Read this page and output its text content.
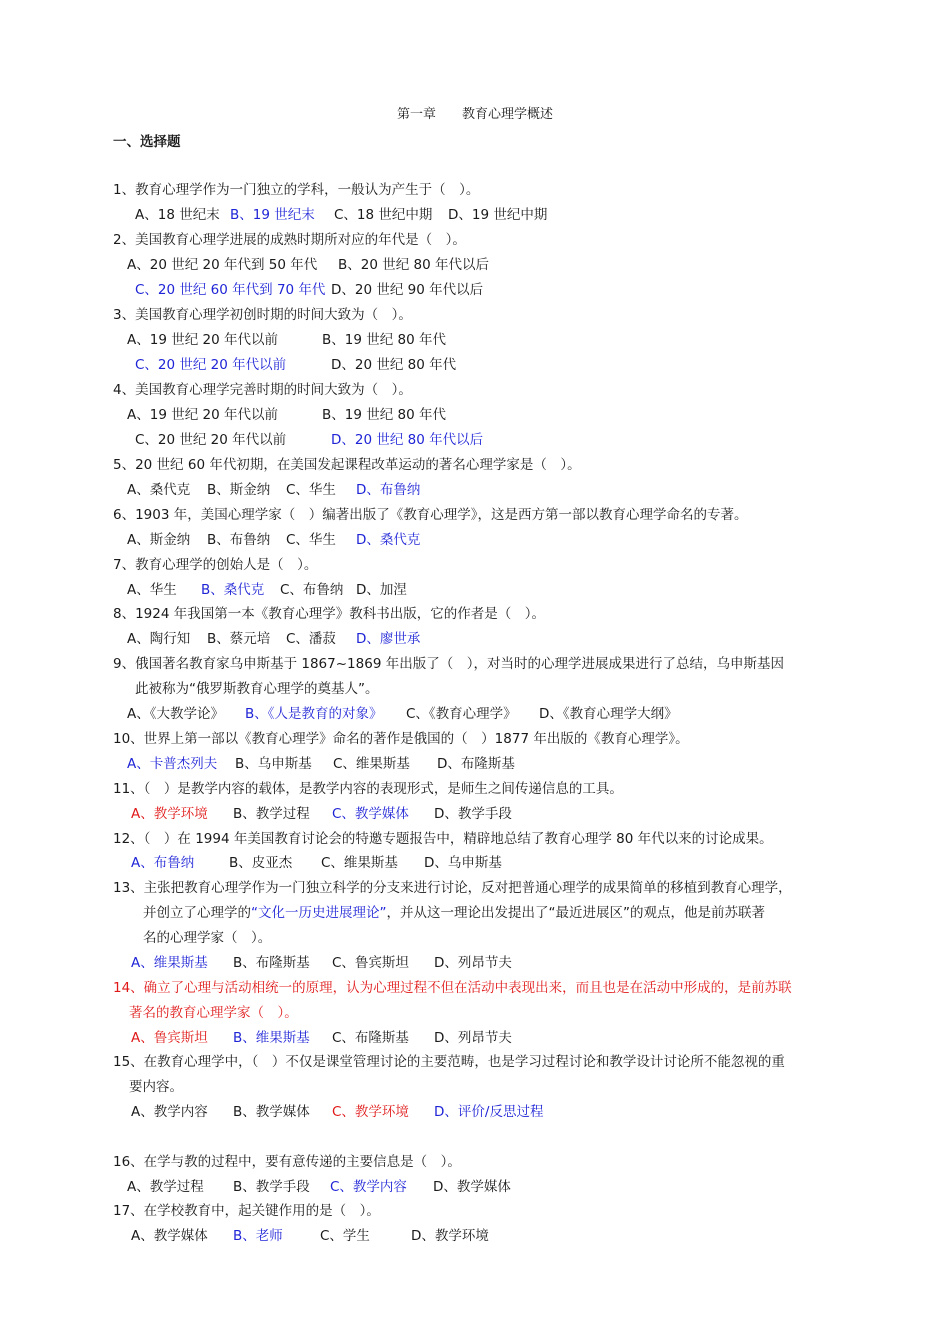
第一章 教育心理学概述
一、选择题
1、教育心理学作为一门独立的学科，一般认为产生于（　）。
A、18 世纪末 B、19 世纪末 C、18 世纪中期 D、19 世纪中期
2、美国教育心理学进展的成熟时期所对应的年代是（　）。
A、20 世纪 20 年代到 50 年代 B、20 世纪 80 年代以后
C、20 世纪 60 年代到 70 年代 D、20 世纪 90 年代以后
3、美国教育心理学初创时期的时间大致为（　）。
A、19 世纪 20 年代以前	B、19 世纪 80 年代
C、20 世纪 20 年代以前	D、20 世纪 80 年代
4、美国教育心理学完善时期的时间大致为（　）。
A、19 世纪 20 年代以前	B、19 世纪 80 年代
C、20 世纪 20 年代以前	D、20 世纪 80 年代以后
5、20 世纪 60 年代初期，在美国发起课程改革运动的著名心理学家是（　）。
A、桑代克 B、斯金纳 C、华生 D、布鲁纳
6、1903 年，美国心理学家（　）编著出版了《教育心理学》，这是西方第一部以教育心理学命名的专著。
A、斯金纳 B、布鲁纳 C、华生 D、桑代克
7、教育心理学的创始人是（　）。
A、华生 B、桑代克 C、布鲁纳 D、加涅
8、1924 年我国第一本《教育心理学》教科书出版，它的作者是（　）。
A、陶行知 B、蔡元培 C、潘菽 D、廖世承
9、俄国著名教育家乌申斯基于 1867~1869 年出版了（　），对当时的心理学进展成果进行了总结，乌申斯基因
此被称为“俄罗斯教育心理学的奠基人”。
A、《大教学论》 B、《人是教育的对象》 C、《教育心理学》 D、《教育心理学大纲》
10、世界上第一部以《教育心理学》命名的著作是俄国的（　）1877 年出版的《教育心理学》。
A、卡普杰列夫 B、乌申斯基 C、维果斯基 D、布隆斯基
11、（　）是教学内容的载体，是教学内容的表现形式，是师生之间传递信息的工具。
A、教学环境 B、教学过程 C、教学媒体 D、教学手段
12、（　）在 1994 年美国教育讨论会的特邀专题报告中，精辟地总结了教育心理学 80 年代以来的讨论成果。
A、布鲁纳	B、皮亚杰 C、维果斯基 D、乌申斯基
13、主张把教育心理学作为一门独立科学的分支来进行讨论，反对把普通心理学的成果简单的移植到教育心理学，
并创立了心理学的“文化一历史进展理论”，并从这一理论出发提出了“最近进展区”的观点，他是前苏联著
名的心理学家（　）。
A、维果斯基 B、布隆斯基 C、鲁宾斯坦 D、列昂节夫
14、确立了心理与活动相统一的原理，认为心理过程不但在活动中表现出来，而且也是在活动中形成的，是前苏联
著名的教育心理学家（　）。
A、鲁宾斯坦 B、维果斯基 C、布隆斯基 D、列昂节夫
15、在教育心理学中，（　）不仅是课堂管理讨论的主要范畴，也是学习过程讨论和教学设计讨论所不能忽视的重
要内容。
A、教学内容 B、教学媒体 C、教学环境 D、评价/反思过程
16、在学与教的过程中，要有意传递的主要信息是（　）。
A、教学过程 B、教学手段 C、教学内容 D、教学媒体
17、在学校教育中，起关键作用的是（　）。
A、教学媒体 B、老师	C、学生	D、教学环境
